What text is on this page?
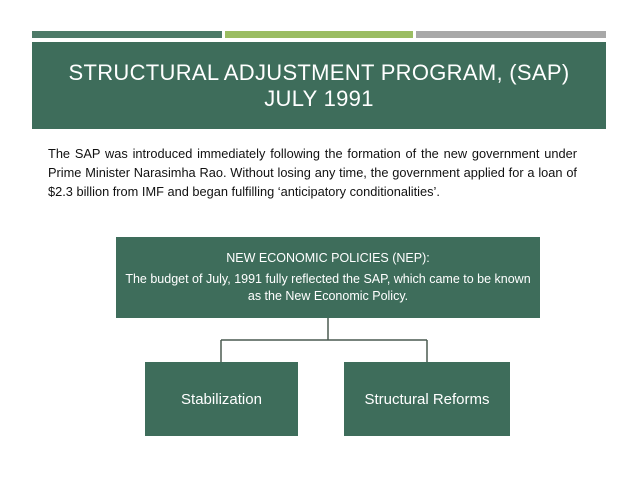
STRUCTURAL ADJUSTMENT PROGRAM, (SAP)
JULY 1991
The SAP was introduced immediately following the formation of the new government under Prime Minister Narasimha Rao. Without losing any time, the government applied for a loan of $2.3 billion from IMF and began fulfilling ‘anticipatory conditionalities’.
NEW ECONOMIC POLICIES (NEP):
The budget of July, 1991 fully reflected the SAP, which came to be known as the New Economic Policy.
Stabilization	Structural Reforms
